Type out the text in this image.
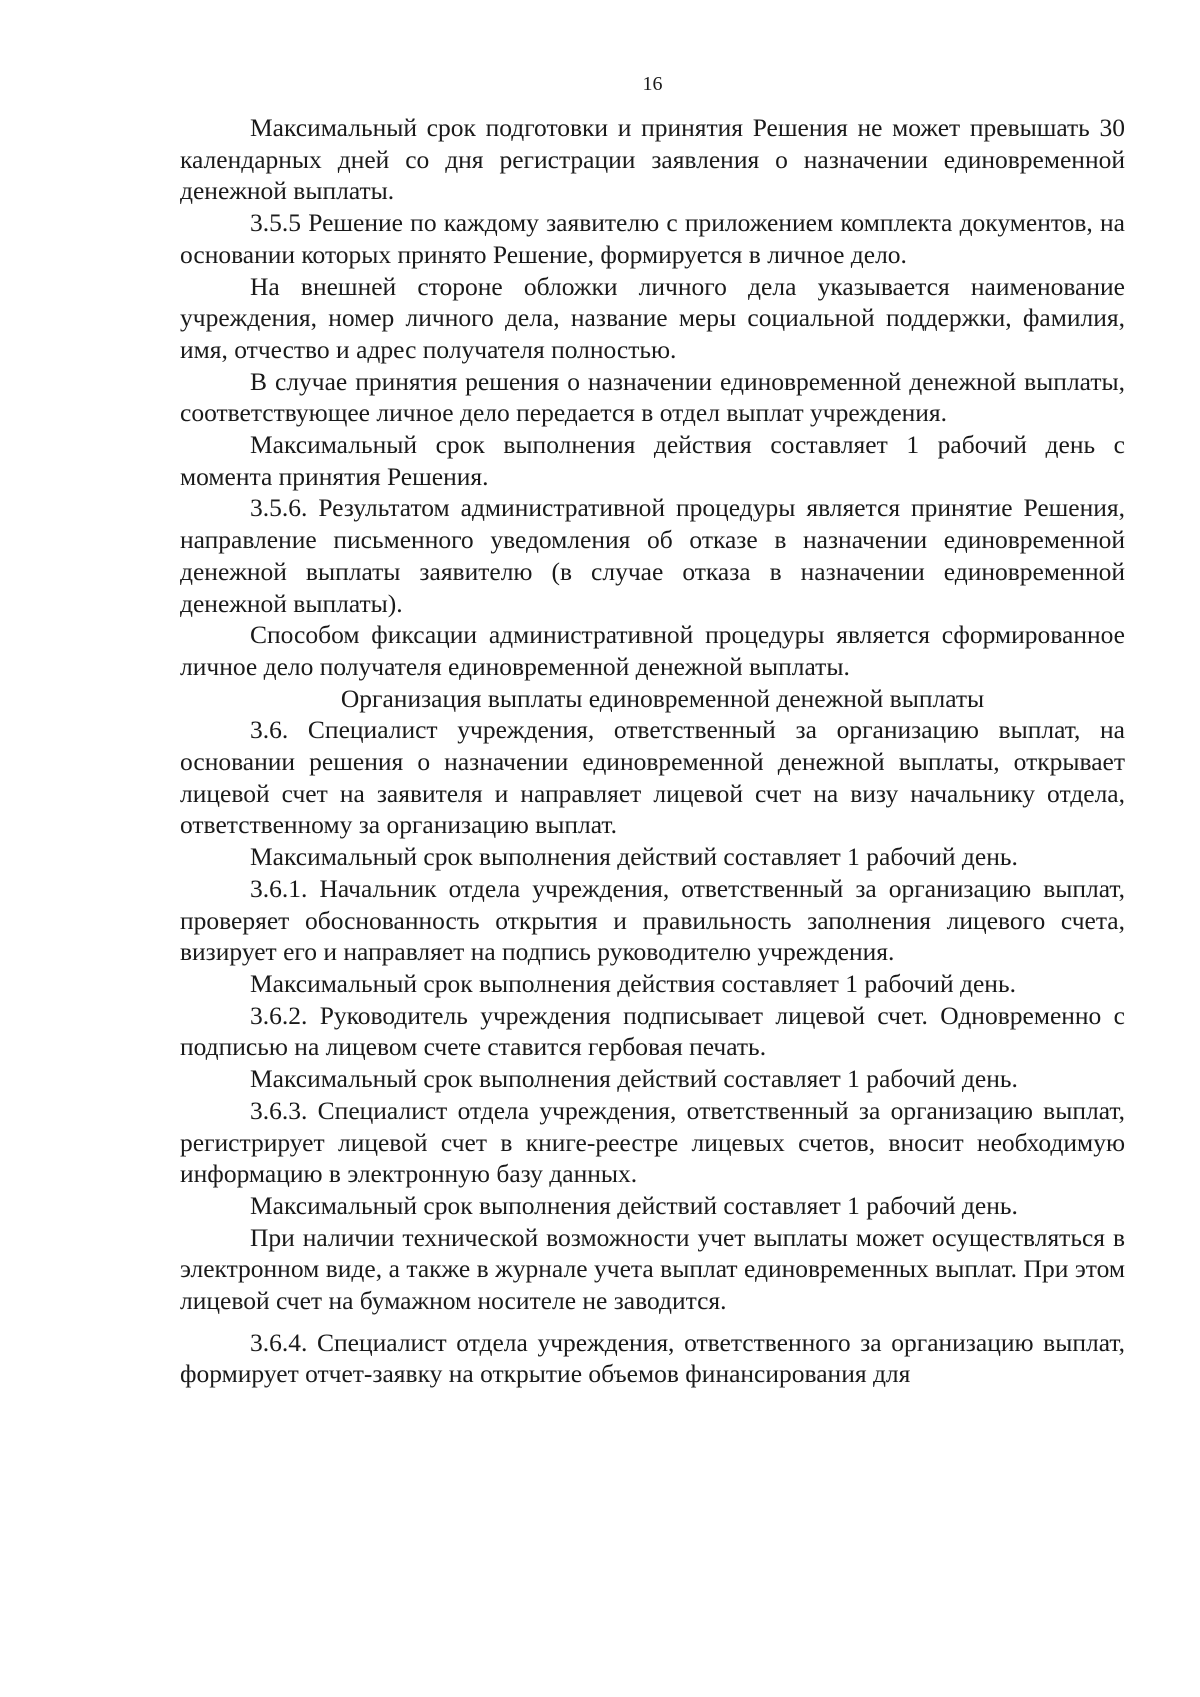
16

Максимальный срок подготовки и принятия Решения не может превышать 30 календарных дней со дня регистрации заявления о назначении единовременной денежной выплаты.

3.5.5 Решение по каждому заявителю с приложением комплекта документов, на основании которых принято Решение, формируется в личное дело.

На внешней стороне обложки личного дела указывается наименование учреждения, номер личного дела, название меры социальной поддержки, фамилия, имя, отчество и адрес получателя полностью.

В случае принятия решения о назначении единовременной денежной выплаты, соответствующее личное дело передается в отдел выплат учреждения.

Максимальный срок выполнения действия составляет 1 рабочий день с момента принятия Решения.

3.5.6. Результатом административной процедуры является принятие Решения, направление письменного уведомления об отказе в назначении единовременной денежной выплаты заявителю (в случае отказа в назначении единовременной денежной выплаты).

Способом фиксации административной процедуры является сформированное личное дело получателя единовременной денежной выплаты.

Организация выплаты единовременной денежной выплаты

3.6. Специалист учреждения, ответственный за организацию выплат, на основании решения о назначении единовременной денежной выплаты, открывает лицевой счет на заявителя и направляет лицевой счет на визу начальнику отдела, ответственному за организацию выплат.

Максимальный срок выполнения действий составляет 1 рабочий день.

3.6.1. Начальник отдела учреждения, ответственный за организацию выплат, проверяет обоснованность открытия и правильность заполнения лицевого счета, визирует его и направляет на подпись руководителю учреждения.

Максимальный срок выполнения действия составляет 1 рабочий день.

3.6.2. Руководитель учреждения подписывает лицевой счет. Одновременно с подписью на лицевом счете ставится гербовая печать.

Максимальный срок выполнения действий составляет 1 рабочий день.

3.6.3. Специалист отдела учреждения, ответственный за организацию выплат, регистрирует лицевой счет в книге-реестре лицевых счетов, вносит необходимую информацию в электронную базу данных.

Максимальный срок выполнения действий составляет 1 рабочий день.

При наличии технической возможности учет выплаты может осуществляться в электронном виде, а также в журнале учета выплат единовременных выплат. При этом лицевой счет на бумажном носителе не заводится.

3.6.4. Специалист отдела учреждения, ответственного за организацию выплат, формирует отчет-заявку на открытие объемов финансирования для
